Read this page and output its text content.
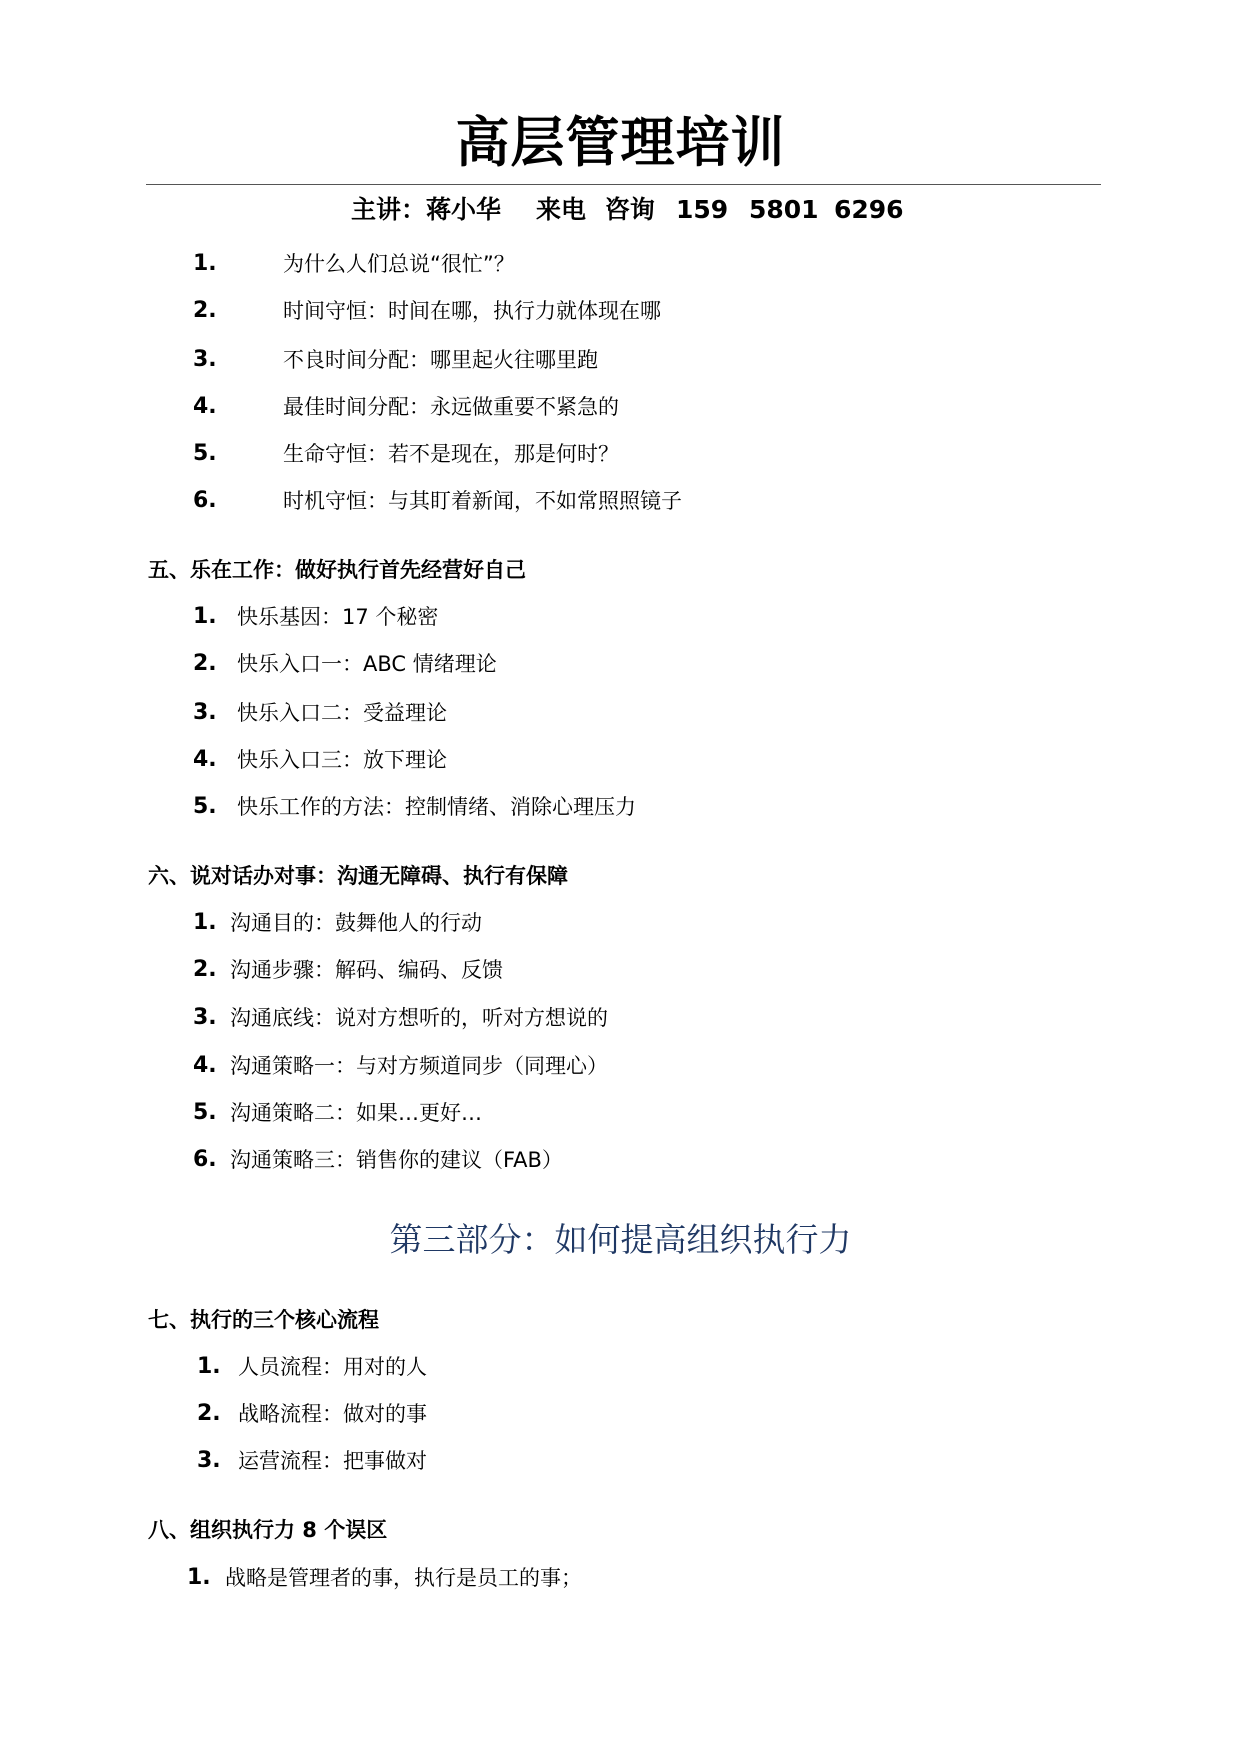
高层管理培训
主讲：蒋小华 来电 咨询 159 5801 6296
1.	为什么人们总说“很忙”？
2.	时间守恒：时间在哪，执行力就体现在哪
3.	不良时间分配：哪里起火往哪里跑
4.	最佳时间分配：永远做重要不紧急的
5.	生命守恒：若不是现在，那是何时？
6.	时机守恒：与其盯着新闻，不如常照照镜子
五、乐在工作：做好执行首先经营好自己
1. 快乐基因：17 个秘密
2. 快乐入口一：ABC 情绪理论
3. 快乐入口二：受益理论
4. 快乐入口三：放下理论
5. 快乐工作的方法：控制情绪、消除心理压力
六、说对话办对事：沟通无障碍、执行有保障
1. 沟通目的：鼓舞他人的行动
2. 沟通步骤：解码、编码、反馈
3. 沟通底线：说对方想听的，听对方想说的
4. 沟通策略一：与对方频道同步（同理心）
5. 沟通策略二：如果…更好…
6. 沟通策略三：销售你的建议（FAB）
第三部分：如何提高组织执行力
七、执行的三个核心流程
1. 人员流程：用对的人
2. 战略流程：做对的事
3. 运营流程：把事做对
八、组织执行力 8 个误区
1. 战略是管理者的事，执行是员工的事；
